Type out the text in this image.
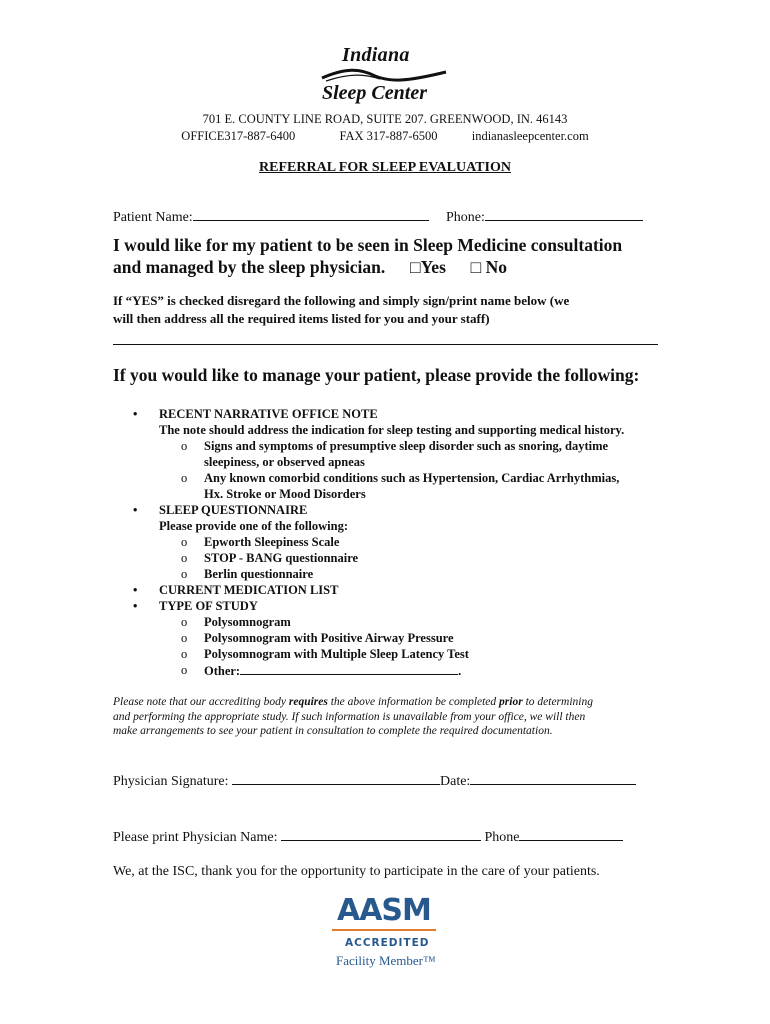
Indiana
Sleep Center
701 E. COUNTY LINE ROAD, SUITE 207. GREENWOOD, IN. 46143
OFFICE317-887-6400	FAX 317-887-6500	indianasleepcenter.com
REFERRAL FOR SLEEP EVALUATION
Patient Name:	Phone:
I would like for my patient to be seen in Sleep Medicine consultation
and managed by the sleep physician. □Yes □ No
If “YES” is checked disregard the following and simply sign/print name below (we
will then address all the required items listed for you and your staff)
If you would like to manage your patient, please provide the following:
• RECENT NARRATIVE OFFICE NOTE
The note should address the indication for sleep testing and supporting medical history.
o Signs and symptoms of presumptive sleep disorder such as snoring, daytime
sleepiness, or observed apneas
o Any known comorbid conditions such as Hypertension, Cardiac Arrhythmias,
Hx. Stroke or Mood Disorders
• SLEEP QUESTIONNAIRE
Please provide one of the following:
o Epworth Sleepiness Scale
o STOP - BANG questionnaire
o Berlin questionnaire
• CURRENT MEDICATION LIST
• TYPE OF STUDY
o Polysomnogram
o Polysomnogram with Positive Airway Pressure
o Polysomnogram with Multiple Sleep Latency Test
o Other:	.
Please note that our accrediting body requires the above information be completed prior to determining
and performing the appropriate study. If such information is unavailable from your office, we will then
make arrangements to see your patient in consultation to complete the required documentation.
Physician Signature:	Date:
Please print Physician Name:	Phone
We, at the ISC, thank you for the opportunity to participate in the care of your patients.
AASM
ACCREDITED
Facility Member™
